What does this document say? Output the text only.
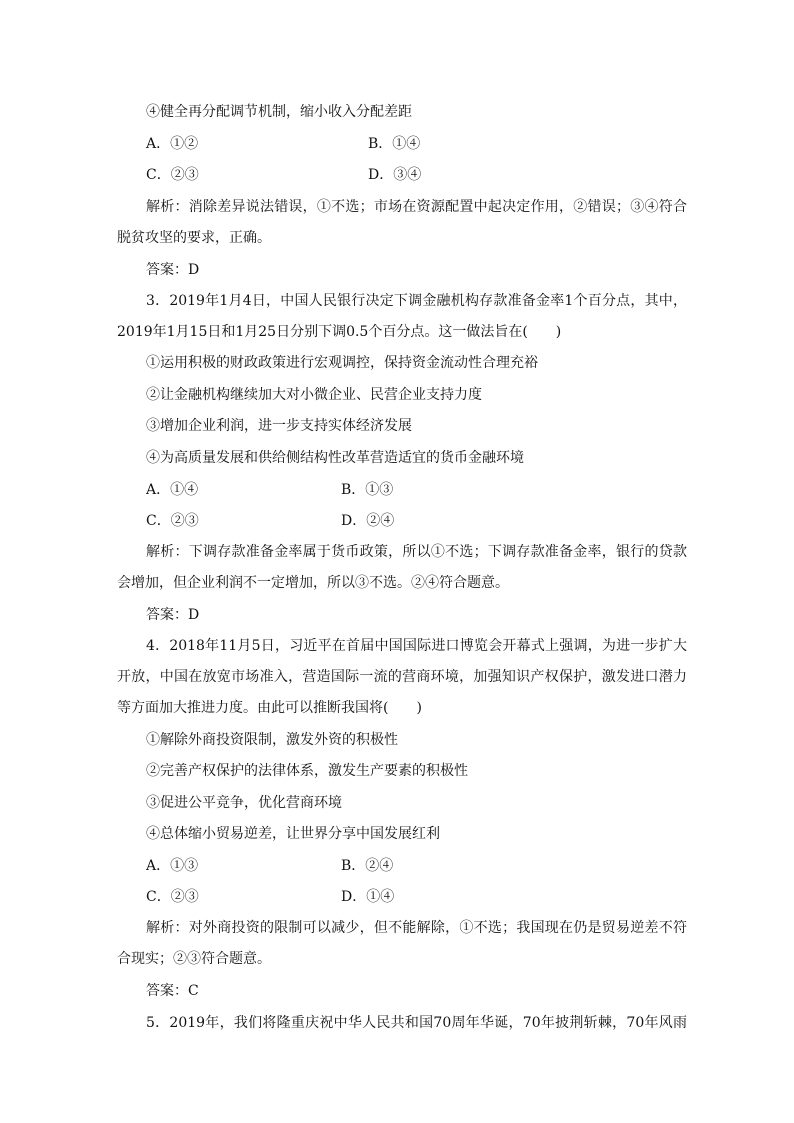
④健全再分配调节机制，缩小收入分配差距
A．①②	B．①④
C．②③	D．③④
解析：消除差异说法错误，①不选；市场在资源配置中起决定作用，②错误；③④符合
脱贫攻坚的要求，正确。
答案：D
3．2019年1月4日，中国人民银行决定下调金融机构存款准备金率1个百分点，其中，
2019年1月15日和1月25日分别下调0.5个百分点。这一做法旨在(　　)
①运用积极的财政政策进行宏观调控，保持资金流动性合理充裕
②让金融机构继续加大对小微企业、民营企业支持力度
③增加企业利润，进一步支持实体经济发展
④为高质量发展和供给侧结构性改革营造适宜的货币金融环境
A．①④	B．①③
C．②③	D．②④
解析：下调存款准备金率属于货币政策，所以①不选；下调存款准备金率，银行的贷款
会增加，但企业利润不一定增加，所以③不选。②④符合题意。
答案：D
4．2018年11月5日，习近平在首届中国国际进口博览会开幕式上强调，为进一步扩大
开放，中国在放宽市场准入，营造国际一流的营商环境，加强知识产权保护，激发进口潜力
等方面加大推进力度。由此可以推断我国将(　　)
①解除外商投资限制，激发外资的积极性
②完善产权保护的法律体系，激发生产要素的积极性
③促进公平竞争，优化营商环境
④总体缩小贸易逆差，让世界分享中国发展红利
A．①③	B．②④
C．②③	D．①④
解析：对外商投资的限制可以减少，但不能解除，①不选；我国现在仍是贸易逆差不符
合现实；②③符合题意。
答案：C
5．2019年，我们将隆重庆祝中华人民共和国70周年华诞，70年披荆斩棘，70年风雨
